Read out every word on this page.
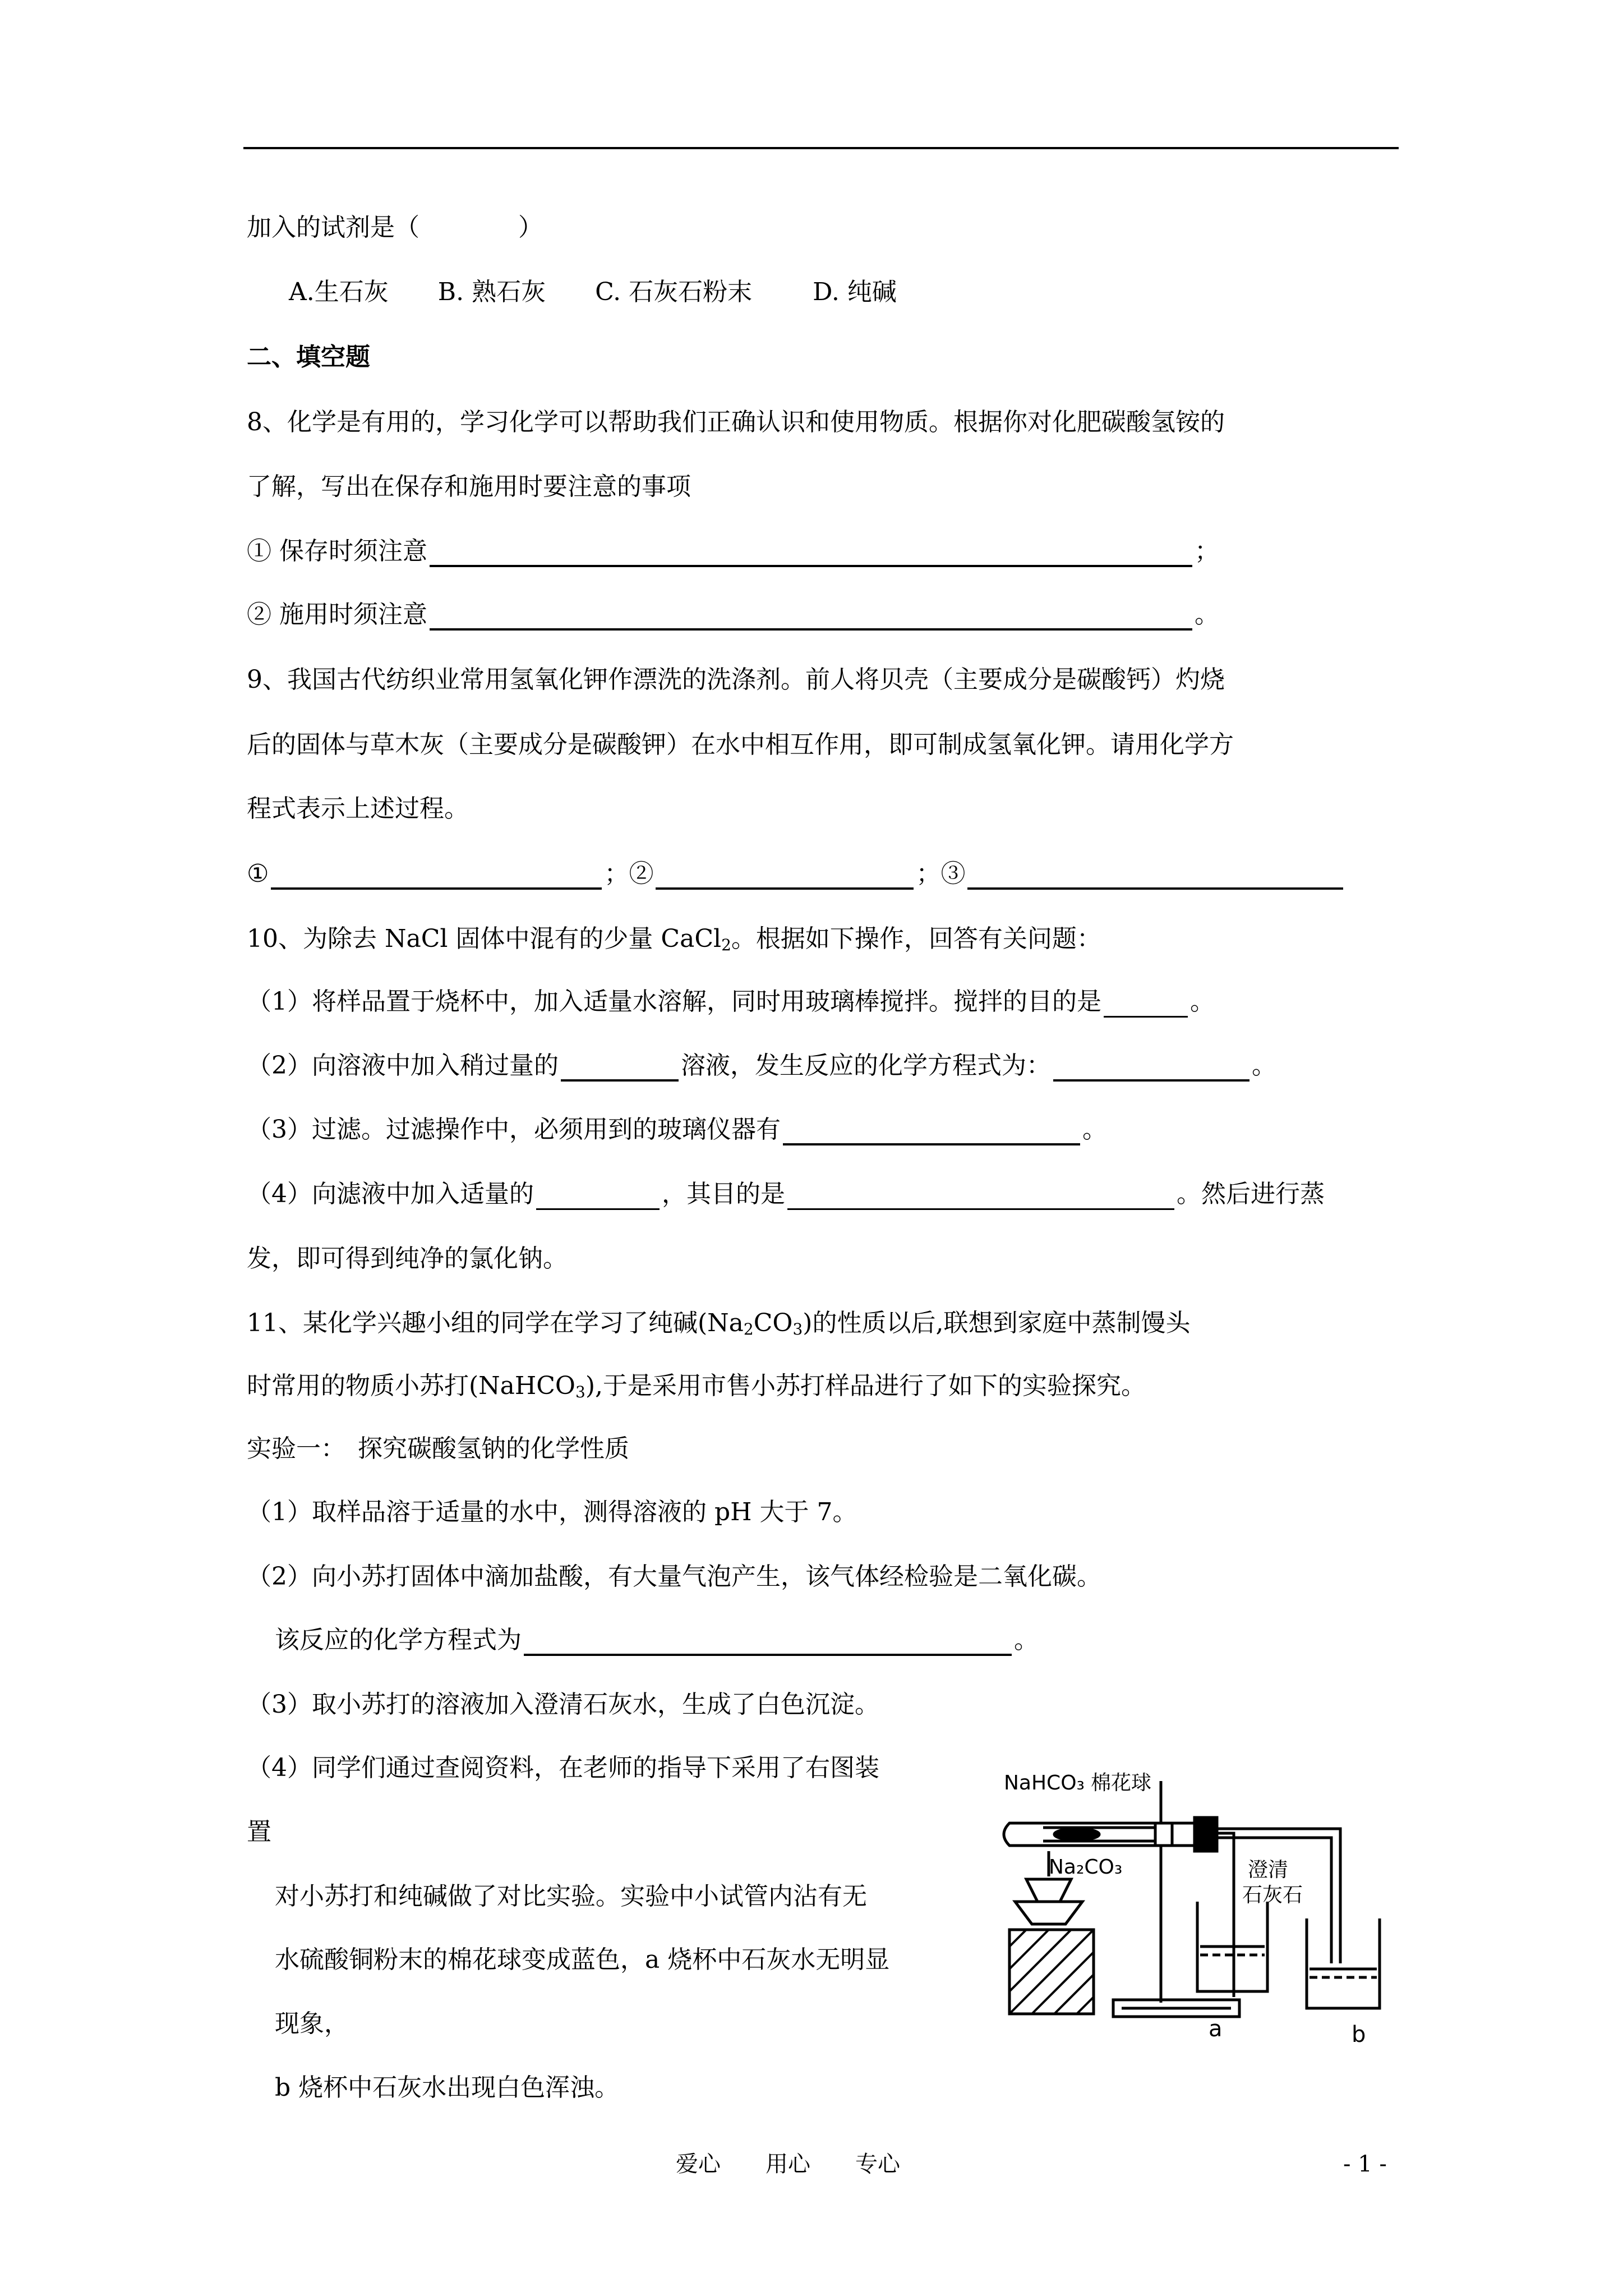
加入的试剂是（　　　　）
A.生石灰 B. 熟石灰 C. 石灰石粉末 D. 纯碱
二、填空题
8、化学是有用的，学习化学可以帮助我们正确认识和使用物质。根据你对化肥碳酸氢铵的
了解，写出在保存和施用时要注意的事项
① 保存时须注意	；
② 施用时须注意	。
9、我国古代纺织业常用氢氧化钾作漂洗的洗涤剂。前人将贝壳（主要成分是碳酸钙）灼烧
后的固体与草木灰（主要成分是碳酸钾）在水中相互作用，即可制成氢氧化钾。请用化学方
程式表示上述过程。
①	；②	；③
10、为除去 NaCl 固体中混有的少量 CaCl$_2$。根据如下操作，回答有关问题：
（1）将样品置于烧杯中，加入适量水溶解，同时用玻璃棒搅拌。搅拌的目的是	。
（2）向溶液中加入稍过量的	溶液，发生反应的化学方程式为：	。
（3）过滤。过滤操作中，必须用到的玻璃仪器有	。
（4）向滤液中加入适量的	，其目的是	。然后进行蒸
发，即可得到纯净的氯化钠。
11、某化学兴趣小组的同学在学习了纯碱$(Na_2CO_3)$的性质以后,联想到家庭中蒸制馒头
时常用的物质小苏打(NaHCO$_3$),于是采用市售小苏打样品进行了如下的实验探究。
实验一：　探究碳酸氢钠的化学性质
（1）取样品溶于适量的水中，测得溶液的 pH 大于 7。
（2）向小苏打固体中滴加盐酸，有大量气泡产生，该气体经检验是二氧化碳。
该反应的化学方程式为	。
（3）取小苏打的溶液加入澄清石灰水，生成了白色沉淀。
（4）同学们通过查阅资料，在老师的指导下采用了右图装
置
对小苏打和纯碱做了对比实验。实验中小试管内沾有无
水硫酸铜粉末的棉花球变成蓝色，a 烧杯中石灰水无明显
现象，
b 烧杯中石灰水出现白色浑浊。
NaHCO₃ 棉花球
Na₂CO₃	澄清
石灰石
a	b
爱心　　用心　　专心	- 1 -
